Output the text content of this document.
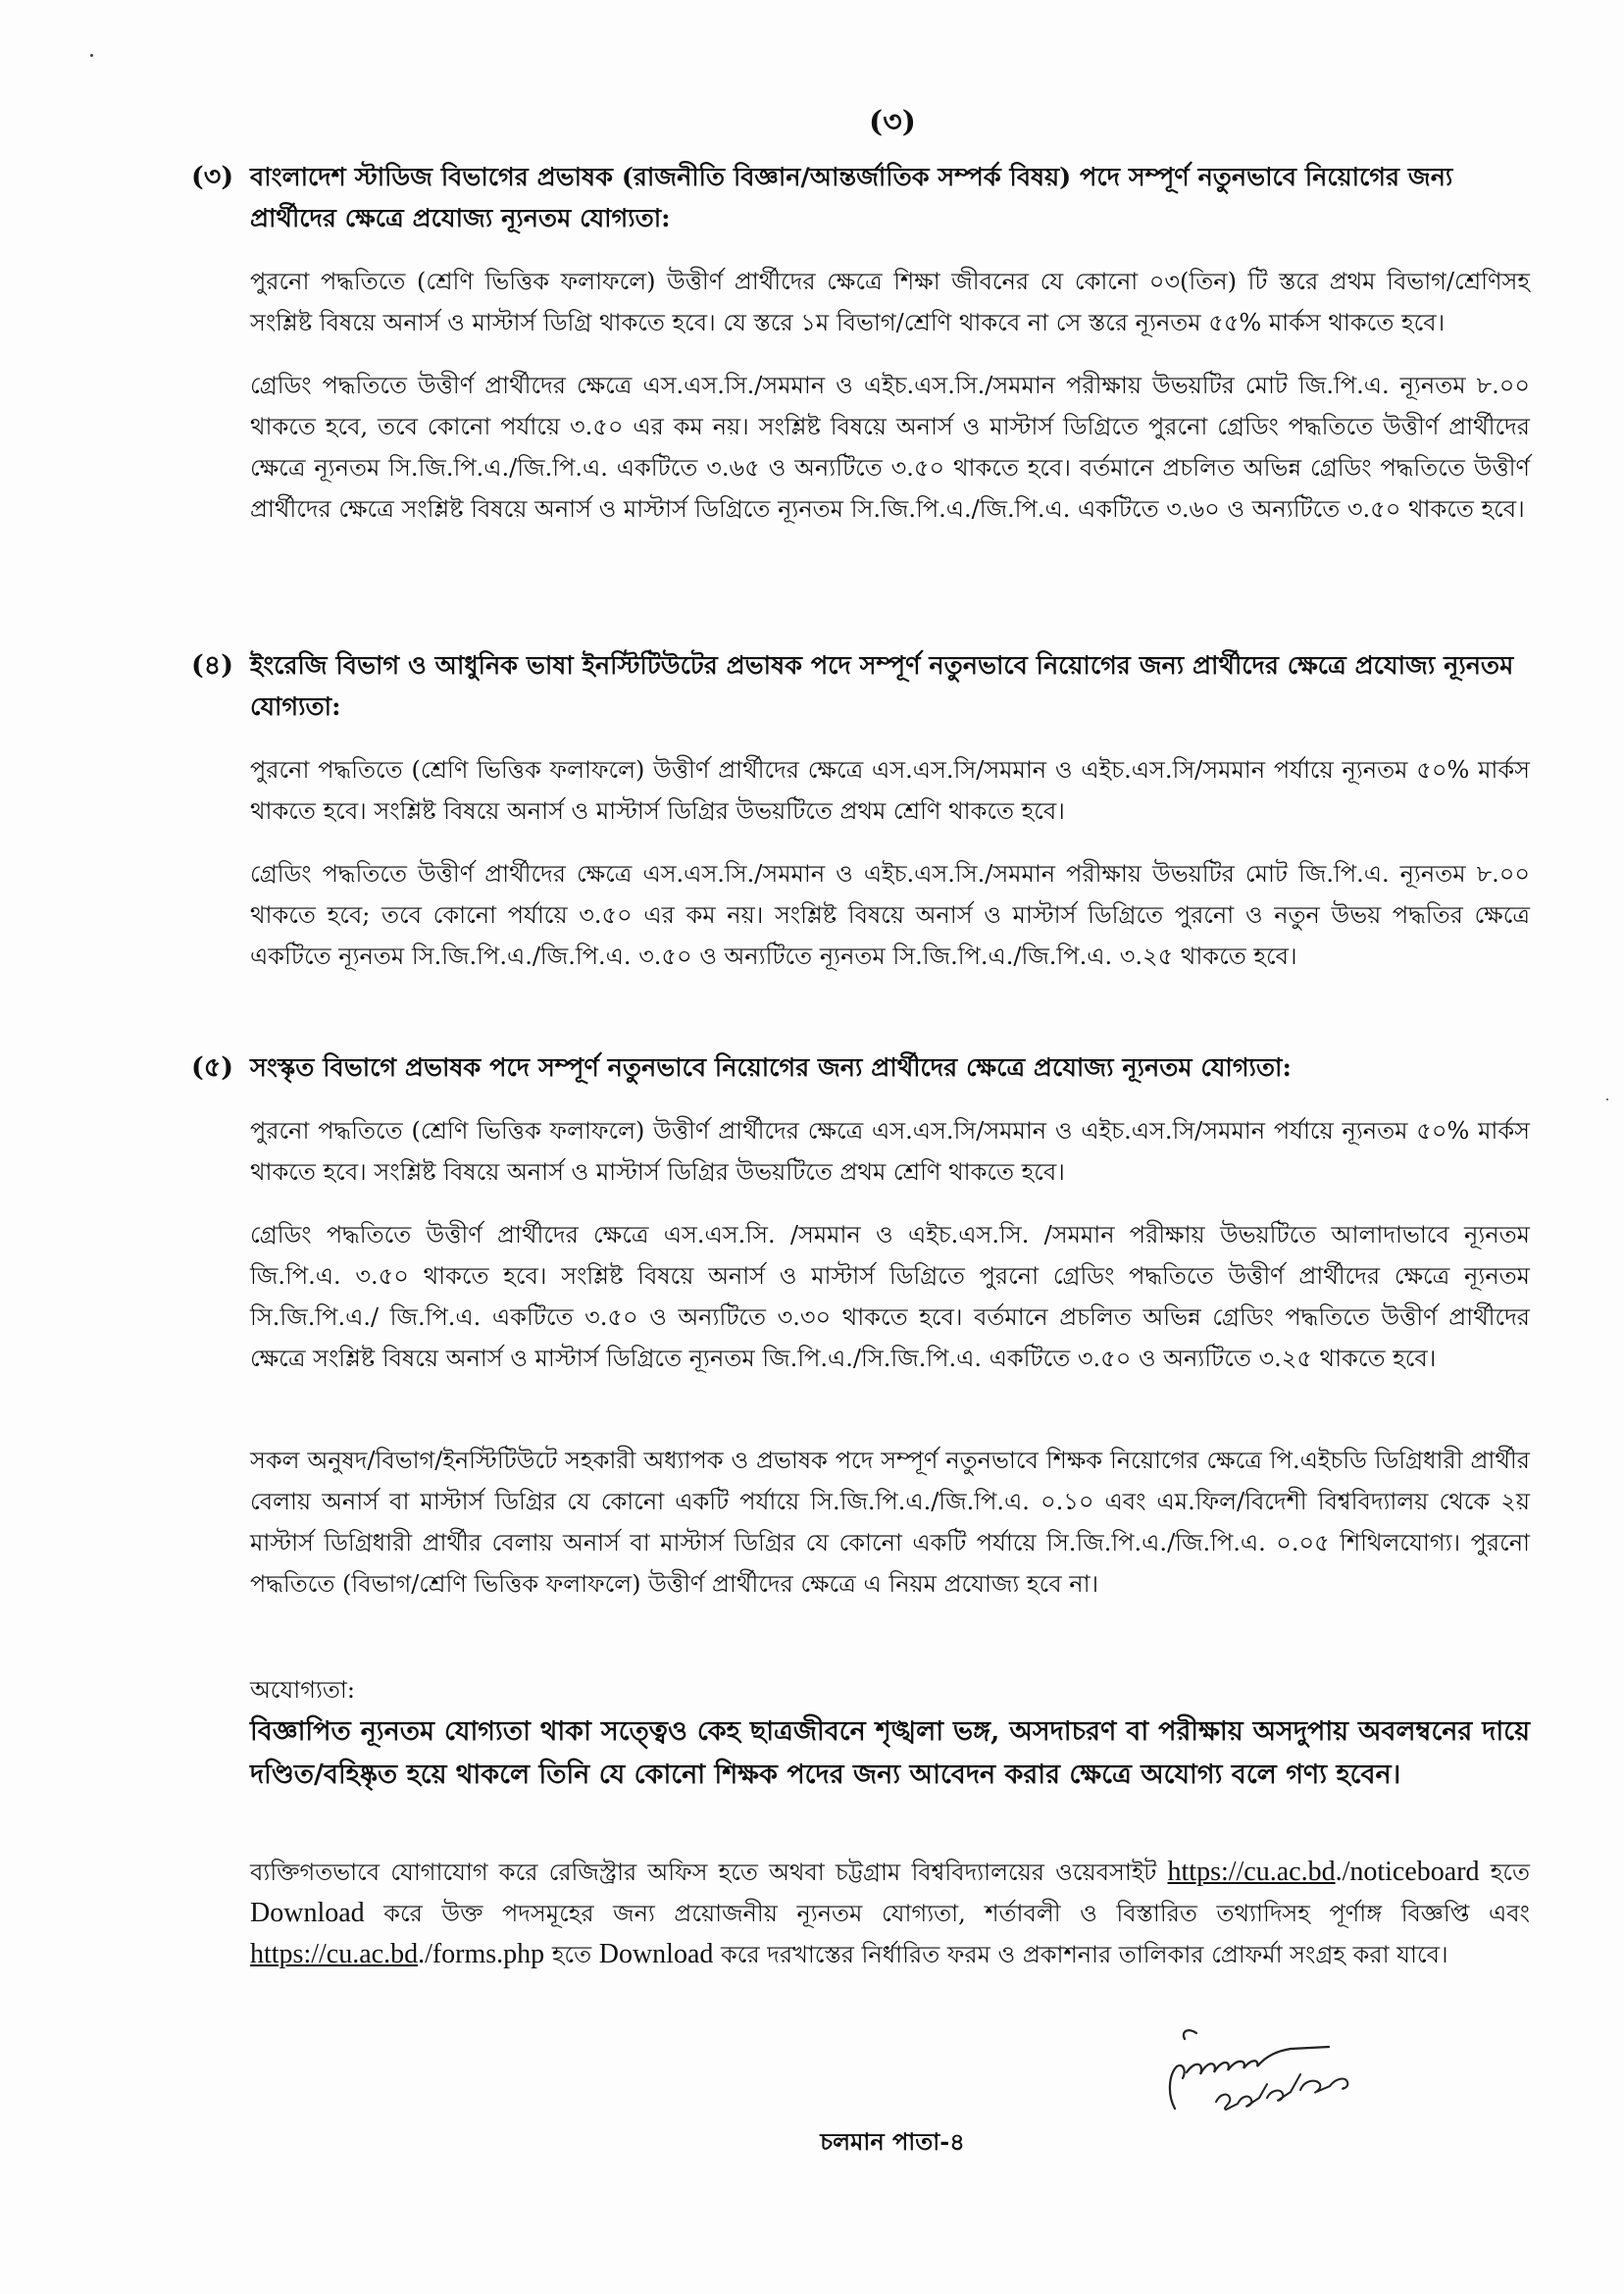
(৩)
(৩) বাংলাদেশ স্টাডিজ বিভাগের প্রভাষক (রাজনীতি বিজ্ঞান/আন্তর্জাতিক সম্পর্ক বিষয়) পদে সম্পূর্ণ নতুনভাবে নিয়োগের জন্য প্রার্থীদের ক্ষেত্রে প্রযোজ্য ন্যূনতম যোগ্যতা:

পুরনো পদ্ধতিতে (শ্রেণি ভিত্তিক ফলাফলে) উত্তীর্ণ প্রার্থীদের ক্ষেত্রে শিক্ষা জীবনের যে কোনো ০৩(তিন) টি স্তরে প্রথম বিভাগ/শ্রেণিসহ সংশ্লিষ্ট বিষয়ে অনার্স ও মাস্টার্স ডিগ্রি থাকতে হবে। যে স্তরে ১ম বিভাগ/শ্রেণি থাকবে না সে স্তরে ন্যূনতম ৫৫% মার্কস থাকতে হবে।

গ্রেডিং পদ্ধতিতে উত্তীর্ণ প্রার্থীদের ক্ষেত্রে এস.এস.সি./সমমান ও এইচ.এস.সি./সমমান পরীক্ষায় উভয়টির মোট জি.পি.এ. ন্যূনতম ৮.০০ থাকতে হবে, তবে কোনো পর্যায়ে ৩.৫০ এর কম নয়। সংশ্লিষ্ট বিষয়ে অনার্স ও মাস্টার্স ডিগ্রিতে পুরনো গ্রেডিং পদ্ধতিতে উত্তীর্ণ প্রার্থীদের ক্ষেত্রে ন্যূনতম সি.জি.পি.এ./জি.পি.এ. একটিতে ৩.৬৫ ও অন্যটিতে ৩.৫০ থাকতে হবে। বর্তমানে প্রচলিত অভিন্ন গ্রেডিং পদ্ধতিতে উত্তীর্ণ প্রার্থীদের ক্ষেত্রে সংশ্লিষ্ট বিষয়ে অনার্স ও মাস্টার্স ডিগ্রিতে ন্যূনতম সি.জি.পি.এ./জি.পি.এ. একটিতে ৩.৬০ ও অন্যটিতে ৩.৫০ থাকতে হবে।

(৪) ইংরেজি বিভাগ ও আধুনিক ভাষা ইনস্টিটিউটের প্রভাষক পদে সম্পূর্ণ নতুনভাবে নিয়োগের জন্য প্রার্থীদের ক্ষেত্রে প্রযোজ্য ন্যূনতম যোগ্যতা:

পুরনো পদ্ধতিতে (শ্রেণি ভিত্তিক ফলাফলে) উত্তীর্ণ প্রার্থীদের ক্ষেত্রে এস.এস.সি/সমমান ও এইচ.এস.সি/সমমান পর্যায়ে ন্যূনতম ৫০% মার্কস থাকতে হবে। সংশ্লিষ্ট বিষয়ে অনার্স ও মাস্টার্স ডিগ্রির উভয়টিতে প্রথম শ্রেণি থাকতে হবে।

গ্রেডিং পদ্ধতিতে উত্তীর্ণ প্রার্থীদের ক্ষেত্রে এস.এস.সি./সমমান ও এইচ.এস.সি./সমমান পরীক্ষায় উভয়টির মোট জি.পি.এ. ন্যূনতম ৮.০০ থাকতে হবে; তবে কোনো পর্যায়ে ৩.৫০ এর কম নয়। সংশ্লিষ্ট বিষয়ে অনার্স ও মাস্টার্স ডিগ্রিতে পুরনো ও নতুন উভয় পদ্ধতির ক্ষেত্রে একটিতে ন্যূনতম সি.জি.পি.এ./জি.পি.এ. ৩.৫০ ও অন্যটিতে ন্যূনতম সি.জি.পি.এ./জি.পি.এ. ৩.২৫ থাকতে হবে।

(৫) সংস্কৃত বিভাগে প্রভাষক পদে সম্পূর্ণ নতুনভাবে নিয়োগের জন্য প্রার্থীদের ক্ষেত্রে প্রযোজ্য ন্যূনতম যোগ্যতা:

পুরনো পদ্ধতিতে (শ্রেণি ভিত্তিক ফলাফলে) উত্তীর্ণ প্রার্থীদের ক্ষেত্রে এস.এস.সি/সমমান ও এইচ.এস.সি/সমমান পর্যায়ে ন্যূনতম ৫০% মার্কস থাকতে হবে। সংশ্লিষ্ট বিষয়ে অনার্স ও মাস্টার্স ডিগ্রির উভয়টিতে প্রথম শ্রেণি থাকতে হবে।

গ্রেডিং পদ্ধতিতে উত্তীর্ণ প্রার্থীদের ক্ষেত্রে এস.এস.সি. /সমমান ও এইচ.এস.সি. /সমমান পরীক্ষায় উভয়টিতে আলাদাভাবে ন্যূনতম জি.পি.এ. ৩.৫০ থাকতে হবে। সংশ্লিষ্ট বিষয়ে অনার্স ও মাস্টার্স ডিগ্রিতে পুরনো গ্রেডিং পদ্ধতিতে উত্তীর্ণ প্রার্থীদের ক্ষেত্রে ন্যূনতম সি.জি.পি.এ./ জি.পি.এ. একটিতে ৩.৫০ ও অন্যটিতে ৩.৩০ থাকতে হবে। বর্তমানে প্রচলিত অভিন্ন গ্রেডিং পদ্ধতিতে উত্তীর্ণ প্রার্থীদের ক্ষেত্রে সংশ্লিষ্ট বিষয়ে অনার্স ও মাস্টার্স ডিগ্রিতে ন্যূনতম জি.পি.এ./সি.জি.পি.এ. একটিতে ৩.৫০ ও অন্যটিতে ৩.২৫ থাকতে হবে।

সকল অনুষদ/বিভাগ/ইনস্টিটিউটে সহকারী অধ্যাপক ও প্রভাষক পদে সম্পূর্ণ নতুনভাবে শিক্ষক নিয়োগের ক্ষেত্রে পি.এইচডি ডিগ্রিধারী প্রার্থীর বেলায় অনার্স বা মাস্টার্স ডিগ্রির যে কোনো একটি পর্যায়ে সি.জি.পি.এ./জি.পি.এ. ০.১০ এবং এম.ফিল/বিদেশী বিশ্ববিদ্যালয় থেকে ২য় মাস্টার্স ডিগ্রিধারী প্রার্থীর বেলায় অনার্স বা মাস্টার্স ডিগ্রির যে কোনো একটি পর্যায়ে সি.জি.পি.এ./জি.পি.এ. ০.০৫ শিথিলযোগ্য। পুরনো পদ্ধতিতে (বিভাগ/শ্রেণি ভিত্তিক ফলাফলে) উত্তীর্ণ প্রার্থীদের ক্ষেত্রে এ নিয়ম প্রযোজ্য হবে না।

অযোগ্যতা:

বিজ্ঞাপিত ন্যূনতম যোগ্যতা থাকা সত্ত্বেও কেহ ছাত্রজীবনে শৃঙ্খলা ভঙ্গ, অসদাচরণ বা পরীক্ষায় অসদুপায় অবলম্বনের দায়ে দণ্ডিত/বহিষ্কৃত হয়ে থাকলে তিনি যে কোনো শিক্ষক পদের জন্য আবেদন করার ক্ষেত্রে অযোগ্য বলে গণ্য হবেন।

ব্যক্তিগতভাবে যোগাযোগ করে রেজিস্ট্রার অফিস হতে অথবা চট্টগ্রাম বিশ্ববিদ্যালয়ের ওয়েবসাইট https://cu.ac.bd./noticeboard হতে Download করে উক্ত পদসমূহের জন্য প্রয়োজনীয় ন্যূনতম যোগ্যতা, শর্তাবলী ও বিস্তারিত তথ্যাদিসহ পূর্ণাঙ্গ বিজ্ঞপ্তি এবং https://cu.ac.bd./forms.php হতে Download করে দরখাস্তের নির্ধারিত ফরম ও প্রকাশনার তালিকার প্রোফর্মা সংগ্রহ করা যাবে।

চলমান পাতা-৪
